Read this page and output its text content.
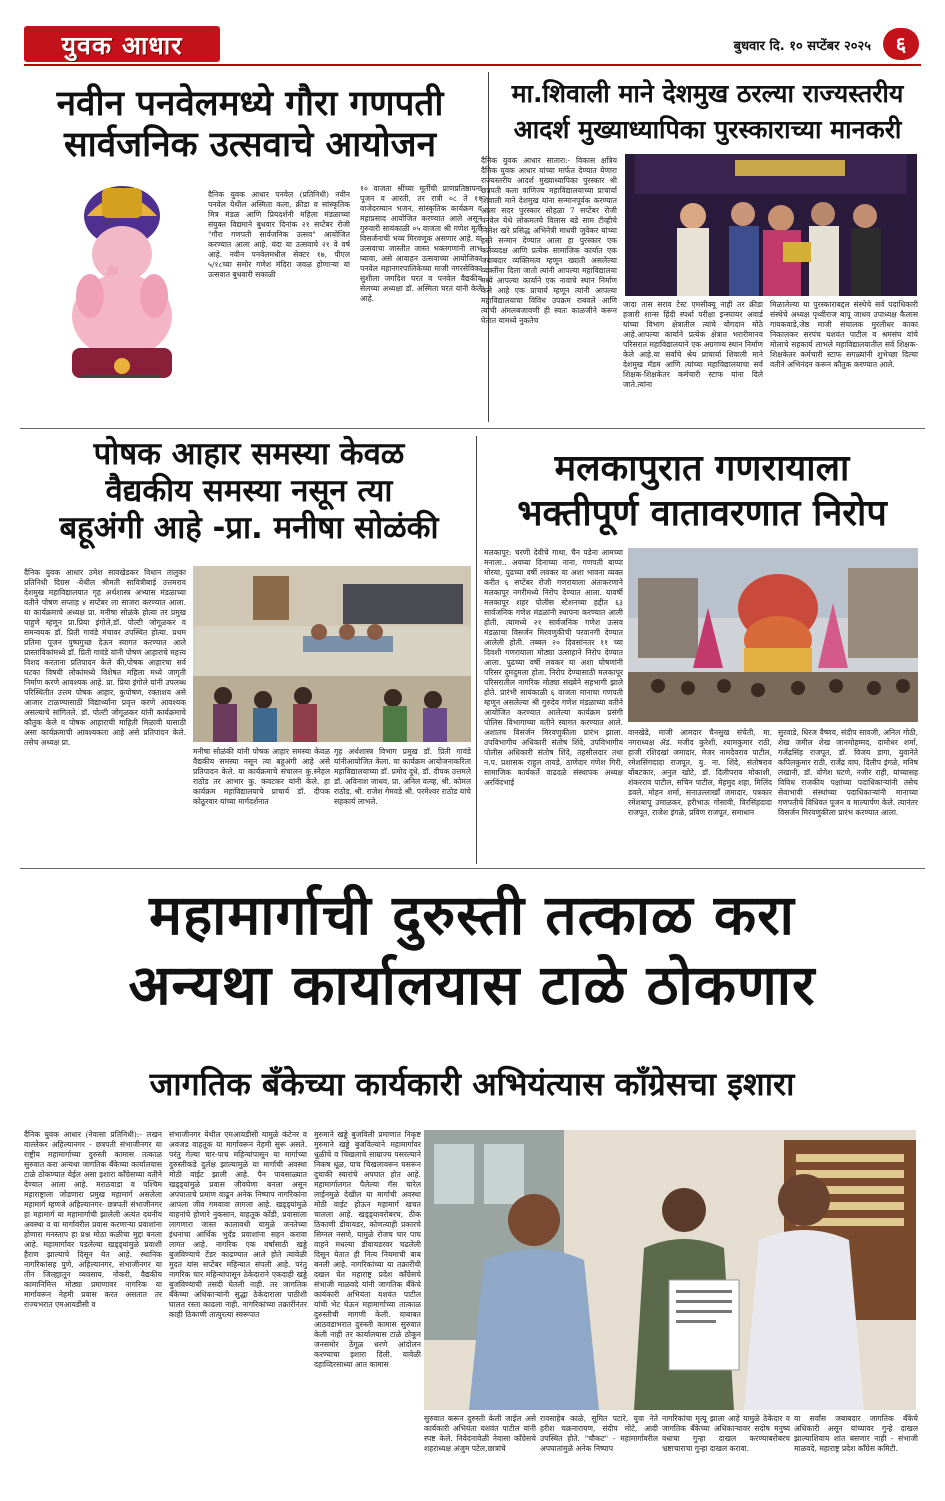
युवक आधार	बुधवार दि. १० सप्टेंबर २०२५	६
नवीन पनवेलमध्ये गौरा गणपती
सार्वजनिक उत्सवाचे आयोजन
दैनिक युवक आधार पनवेल (प्रतिनिधी) नवीन पनवेल येथील अस्मिता कला, क्रीडा व सांस्कृतिक मित्र मंडळ आणि प्रियदर्शनी महिला मंडळाच्या संयुक्त विद्यमाने बुधवार दिनांक २१ सप्टेंबर रोजी "गौरा गणपती सार्वजनिक उत्सव" आयोजित करण्यात आला आहे. यंदा या उत्सवाचे २१ वे वर्ष आहे. नवीन पनवेलमधील सेक्टर १७, पीएल ५/१८च्या समोर गणेश मंदिरा जवळ होणाऱ्या या उत्सवात बुधवारी सकाळी
१० वाजता श्रींच्या मूर्तीची प्राणप्रतिष्ठापना पूजन व आरती, तर रात्री ०८ ते ११ वाजेदरम्यान भजन, सांस्कृतिक कार्यक्रम व महाप्रसाद आयोजित करण्यात आले असून गुरुवारी सायंकाळी ०५ वाजता श्री गणेश मूर्ती विसर्जनाची भव्य मिरवणूक असणार आहे. या उत्सवाचा जास्तीत जास्त भक्तगणांनी लाभ घ्यावा, असे आवाहन उत्सवाच्या आयोजिका पनवेल महानगरपालिकेच्या माजी नगरसेविका सुशीला जगदिश घरत व पनवेल वैद्यकीय सेलच्या अध्यक्षा डॉ. अस्मिता घरत यांनी केले आहे.
मा.शिवाली माने देशमुख ठरल्या राज्यस्तरीय
आदर्श मुख्याध्यापिका पुरस्काराच्या मानकरी
दैनिक युवक आधार सातारा:- विकास क्षत्रिय दैनिक युवक आधार यांच्या मार्फत देण्यात येणारा राज्यस्तरीय आदर्श मुख्याध्यापिका पुरस्कार श्री छत्रपती कला वाणिज्य महाविद्यालयाच्या प्राचार्या शिवाली माने देशमुख यांना सन्मानपूर्वक करण्यात आला सदर पुरस्कार सोहळा 7 सप्टेंबर रोजी पनवेल येथे लोकमतचे विलास बडे साम टीव्हीचे निलेश खरे प्रसिद्ध अभिनेत्री माधवी जुवेकर यांच्या हस्ते सन्मान देण्यात आला हा पुरस्कार एक कर्तव्यदक्ष आणि प्रत्येक सामाजिक कार्यात एक जबाबदार व्यक्तिमत्व म्हणून ख्याती असलेल्या व्यक्तींना दिला जातो त्यांनी आपल्या महाविद्यालया मध्ये आपल्या कार्याने एक नावाचे स्थान निर्माण केले आहे एक प्राचार्य म्हणून त्यांनी आपल्या महाविद्यालयाचा विविध उपक्रम राबवले आणि त्यांची अंमलबजावणी ही स्वतः काळजीने करून घेतात यामध्ये नुकतेच
जादा तास सराव टेस्ट एमसीक्यू नाही तर क्रीडा हजारी शान्स हिंदी स्पर्धा परीक्षा इन्स्पायर अवार्ड यांच्या विभाग क्षेत्रातील त्यांचे योगदान मोठे आहे.आपल्या कार्याने प्रत्येक क्षेत्रात भरारीमानव परिसरात महाविद्यालयाने एक अग्रगण्य स्थान निर्माण केले आहे.या सर्वांचे श्रेय प्राचार्या शिवाली माने देशमुख मॅडम आणि त्यांच्या महाविद्यालयाचा सर्व शिक्षक-शिक्षकेतर कर्मचारी स्टाफ यांना दिले जाते.त्यांना
मिळालेल्या या पुरस्काराबद्दल संस्थेचे सर्व पदाधिकारी संस्थेचे अध्यक्ष पृथ्वीराज बापू जाधव उपाध्यक्ष कैलास गायकवाडे,जेष्ठ माजी संचालक मुरलीधर काका निकालकर सरपंच यशवंत पाटील व श्रमसंघ यांचे मोलाचे सहकार्य लाभले महाविद्यालयातील सर्व शिक्षक-शिक्षकेतर कर्मचारी स्टाफ सगळ्यांनी शुभेच्छा दिल्या वतीने अभिनंदन करून कौतुक करण्यात आले.
पोषक आहार समस्या केवळ
वैद्यकीय समस्या नसून त्या
बहूअंगी आहे -प्रा. मनीषा सोळंकी
दैनिक युवक आधार उमेश सावखेडकर विधान तालुका प्रतिनिधी दिग्रस -येथील श्रीमती सावित्रीबाई उत्तमराव देशमुख महाविद्यालयात गृह अर्थशास्त्र अभ्यास मंडळाच्या वतीने पोषण सप्ताह ४ सप्टेंबर ला साजरा करण्यात आला. या कार्यक्रमाचे अध्यक्ष प्रा. मनीषा सोळंके होत्या तर प्रमुख पाहुणे म्हणून प्रा.प्रिया इंगोले,डॉ. पोल्टी जोगूळकर व समन्वयक डॉ. प्रिती गावंडे मंचावर उपस्थित होत्या. प्रथम प्रतिमा पूजन पुष्पगुच्छ देऊन स्वागत करण्यात आले प्रास्ताविकांमध्ये डॉ. प्रिती गावंडे यांनी पोषण आहाराचे महत्त्व विशद करताना प्रतिपादन केले की,पोषक आहारचा सर्व घटका विषयी लोकांमध्ये विशेषत महिला मध्ये जागृती निर्माण करणे आवश्यक आहे. प्रा. प्रिया इंगोले यांनी उपलब्ध परिस्थितीत उत्तम पोषक आहार, कुपोषण, रक्ताशय असे आजार टाळण्यासाठी विद्यार्थ्यांना प्रवृत्त करणे आवश्यक असल्याचे सांगितले. डॉ. पोल्टी जोगूळकर यांनी कार्यक्रमाचे कौतुक केले व पोषक आहाराची माहिती मिळावी यासाठी असा कार्यक्रमाची आवश्यकता आहे असे प्रतिपादन केले. तसेच अध्यक्ष प्रा.
मनीषा सोळंकी यांनी पोषक आहार समस्या केवळ वैद्यकीय समस्या नसून त्या बहूअंगी आहे असे प्रतिपादन केले. या कार्यक्रमाचे संचालन कु.स्नेहल राठोड तर आभार कु. कवटकर यांनी केले. हा कार्यक्रम महाविद्यालयाचे प्राचार्य डॉ. दीपक कोठूरवार यांच्या मार्गदर्शनात
गृह अर्थशास्त्र विभाग प्रमुख डॉ. प्रिती गावंडे यांनीआयोजित केला. या कार्यक्रम आयोजनाकरिता महाविद्यालयाच्या डॉ. प्रमोद दुधे, डॉ. दीपक उत्तमले डॉ. अविनाश जाधव, प्रा. अनिल वल्व्ह, श्री. कोमल राठोड, श्री. राजेश गेमवडे श्री. परमेश्वर राठोड यांचे सहकार्य लाभले.
मलकापुरात गणरायाला
भक्तीपूर्ण वातावरणात निरोप
मलकापूर: चरणी देवीचे गाथा, चैन पडेना आमच्या मनाला.. अवघ्या दिनाच्या नाना, गणपती बाप्पा मोरया, पुढच्या वर्षी लवकर या अशा भावना व्यक्त करीत ६ सप्टेंबर रोजी गणरायाला अंतःकरणाने मलकापूर नगरीमध्ये निरोप देण्यात आला. यावर्षी मलकापूर शहर पोलीस स्टेशनच्या हद्दीत ६३ सार्वजनिक गणेश मंडळांनी स्थापना करण्यात आली होती. त्यामध्ये २१ सार्वजनिक गणेश उत्सव मंडळाचा विसर्जन मिरवणुकीची परवानगी देण्यात आलेली होती. तब्बल २० दिवसांनतर ११ च्या दिवशी गणरायाला मोठ्या उत्साहाने निरोप देण्यात आला. पुढच्या वर्षी लवकर या अशा घोषणांनी परिसर दुमदुमला होता. निरोप देण्यासाठी मलकापूर परिसरातील नागरिक मोठ्या संख्येने सहभागी झाले होते. प्रारंभी सायंकाळी ६ वाजता मानाचा गणपती म्हणून असलेल्या श्री गुरुदेव गणेश मंडळाच्या वतीने आयोजित करण्यात आलेल्या कार्यक्रम प्रसंगी पोलिस विभागाच्या वतीने स्वागत करण्यात आले. अशातच विसर्जन मिरवणुकीला प्रारंभ झाला. उपविभागीय अधिकारी संतोष शिंदे, उपविभागीय पोलीस अधिकारी संतोष शिंदे, तहसीलदार तथा न.प. प्रशासक राहुल तायडे, ठाणेदार गणेश गिरी, सामाजिक कार्यकर्ते वाढदळे संस्थापक अध्यक्ष अरविंदभाई
वानखेडे, माजी आमदार चैनसुख संचेती, मा. नगराध्यक्ष ॲड. मजीद कुरेशी, श्यामकुमार राठी, हाजी रशिदखां जमादार, मेजर नामदेवराव पाटील, रमेशसिंगदादा राजपूत, यु. ना. शिंदे, संतोषराव बोंबटकार, अनुल खोटे, डॉ. दिलीपराव मोकाशी, शंकरराव पाटील, सचिन पाटील, मेहमुद शहा, मिलिंद डवले, मोहन शर्मा, सनाउल्लाखाँ जमादार, पत्रकार रमेशबापू उमाळकर, हरीभाऊ गोसावी, विरसिंहदादा राजपूत, राजेश इंगळे, प्रविण राजपूत, समाधान
सुरवाडे, धिरज वैष्णव, संदीप सावजी, अनिल गोठी, शेख जमील शेख जानमोहम्मद, दामोधर शर्मा, गजेंद्रसिंह राजपूत, डॉ. विजय डागा, युवानेते कपिलकुमार राठी, राजेंद्र वाघ, दिलीप इंगळे, मनिष लखानी, डॉ. योगेश घटणे, नजीर राही, यांच्यासह विविध राजकीय पक्षांच्या पदाधिकाऱ्यांनी तसेच सेवाभावी संस्थांच्या पदाधिकाऱ्यांनी मानाच्या गणपतीचे विधिवत पूजन व माल्यार्पण केले. त्यानंतर विसर्जन मिरवणुकीला प्रारंभ करण्यात आला.
महामार्गाची दुरुस्ती तत्काळ करा
अन्यथा कार्यालयास टाळे ठोकणार
जागतिक बँकेच्या कार्यकारी अभियंत्यास काँग्रेसचा इशारा
दैनिक युवक आधार (नेवासा प्रतिनिधी):- लखन वाल्लेकर अहिल्यानगर - छत्रपती संभाजीनगर या राष्ट्रीय महामार्गाच्या दुरुस्ती कामास तत्काळ सुरुवात करा अन्यथा जागतिक बँकेच्या कार्यालयास टाळे ठोकण्यात येईल असा इशारा काँग्रेसच्या वतीने देण्यात आला आहे. मराठवाडा व पश्चिम महाराष्ट्राला जोडणारा प्रमुख महामार्ग असलेला महामार्ग म्हणजे अहिल्यानगर- छत्रपती संभाजीनगर हा महामार्ग या महामार्गाची झालेली अत्यंत दयनीय अवस्था व या मार्गावरील प्रवास करणाऱ्या प्रवाशांना होणारा मनस्ताप हा प्रश्न मोठा कळीचा मुद्दा बनला आहे. महामार्गावर पडलेल्या खड्ड्यांमुळे प्रवाशी हैराण झाल्याचे दिसून येत आहे. स्थानिक नागरिकांसह पुणे, अहिल्यानगर, संभाजीनगर या तीन जिल्ह्यातून व्यवसाय, नोकरी, वैद्यकीय कामानिमित्त मोठ्या प्रमाणावर नागरिक या मार्गावरून नेहमी प्रवास करत असतात तर राज्यभरात एमआयडीसी व
संभाजीनगर येथील एमआयडीसी यामुळे कंटेनर व अवजड वाहतूक या मार्गावरून नेहमी सुरू असते. परंतु गेल्या चार-पाच महिन्यांपासून या मार्गाच्या दुरुस्तीकडे दुर्लक्ष झाल्यामुळे या मार्गाची अवस्था मोठी वाईट झाली आहे. पैन पावसाळ्यात खड्ड्यांमुळे प्रवास जीवघेणा बनला असून अपघाताचे प्रमाण वाढून अनेक निष्पाप नागरिकांना आपला जीव गमवावा लागला आहे. खड्ड्यांमुळे वाहनांचे होणारे नुकसान, वाहतूक कोंडी, प्रवासाला लागणारा जास्त कालावधी यामुळे जनतेच्या इंधनाचा आर्थिक भुर्दंड प्रवाशांना सहन करावा लागत आहे. नागरिक एक वर्षांसाठी खड्डे बुजविण्याचे टेंडर काढण्यात आले होते त्यावेळी मुदत यांस सप्टेंबर महिन्यात संपली आहे. परंतु नागरिक चार महिन्यांपासून ठेकेदाराने एकदाही खड्डे बुजविण्याची तसदी घेतली नाही. तर जागतिक बँकेच्या अधिकाऱ्यांनी सुद्धा ठेकेदाराला पाठीशी घालत रस्ता काढला नाही. नागरिकांच्या तक्रारींनंतर काही ठिकाणी तात्पुरत्या स्वरूपात
मुरुमाने खड्डे बुजविली प्रमाणात निकृष्ट मुरुमाने खड्डे बुजविल्याने महामार्गावर धुळीचे व चिखलाचे साम्राज्य पसरल्याने निकष धूळ, पाच चिखलावरून घसरून दुचाकी स्वारांचे अपघात होत आहे. महामार्गालगत पैलेल्या गॅस चारेल लाईनमुळे देखील या मार्गाची अवस्था मोठी वाईट होऊन महामार्ग खचत चालला आहे. खड्ड्यावरोबरच, ठीक ठिकाणी डीवायडर, कोणत्याही प्रकारचे सिग्नल नसणे, यामुळे रोजच चार पाच वाहने मधल्या डीवायडरवर चढलेली दिसून येतात ही नित्य नियमाची बाब बनली आहे. नागरिकांच्या या तक्रारींची दखल घेत महाराष्ट्र प्रदेश काँग्रेसचे संभाजी माळवदे यांनी जागतिक बँकेचे कार्यकारी अभियंता यशवंत पाटील यांची भेट घेऊन महामार्गाच्या तात्काळ दुरुस्तीची मागणी केली. याबाबत आठवडाभरात दुरुस्ती कामास सुरुवात केली नाही तर कार्यालयास टाळे ठोकून जनसमोर ठेंगूळ धरणे आंदोलन करण्याचा इशारा दिली. यावेळी दहाव्दिरसाध्या आत कामास
सुरुवात करून दुरुस्ती केली जाईल असे कार्यकारी अभियंता यशवंत पाटील यांनी स्पष्ट केले. निवेदनावेळी नेवासा काँग्रेसचे शहराध्यक्ष अंजुम पटेल,छात्रांचे
रावसाहेब काळे, सुमित पटारे, युवा नेते हरीश चक्रनारायण, संदीप मोटे, आदी उपस्थित होते. "चौकट" - महामार्गावरील अपघातांमुळे अनेक निष्पाप
नागरिकांचा मृत्यू झाला आहे यामुळे ठेकेदार व जागतिक बँकेच्या अधिकाऱ्यावर सदोष मनुष्य वधाचा गुन्हा दाखल करण्याबरोबरच भ्रष्टाचाराचा गुन्हा दाखल करावा.
या सर्वांस जबाबदार जागतिक बँकेचे अधिकारी असून यांच्यावर गुन्हे दाखल झाल्याशिवाय शांत बसणार नाही - संभाजी माळवदे, महाराष्ट्र प्रदेश काँग्रेस कमिटी.
